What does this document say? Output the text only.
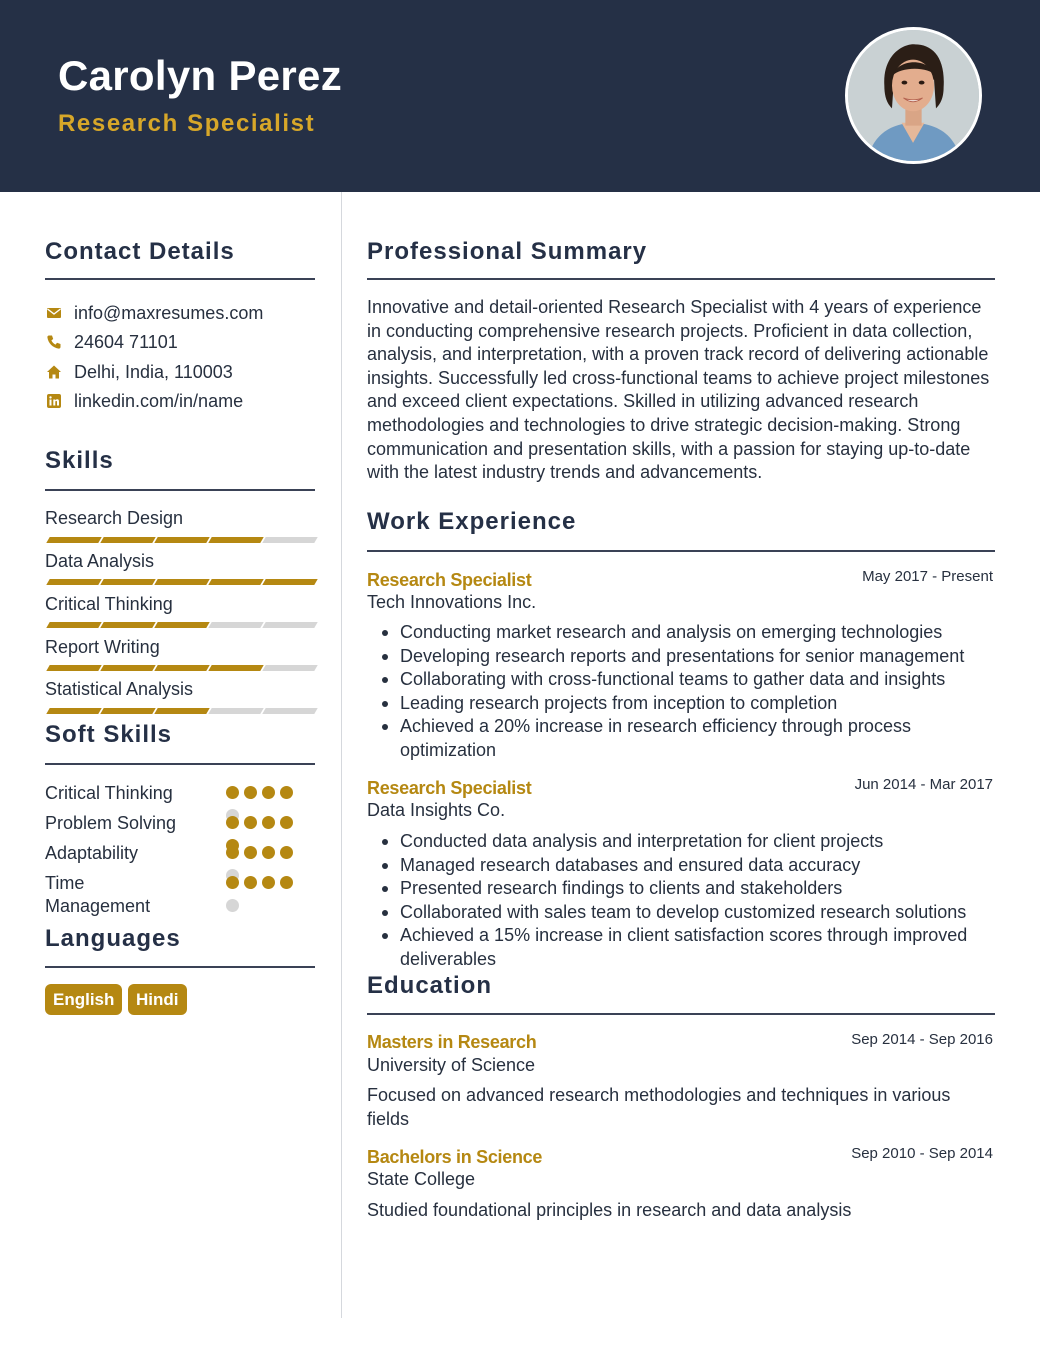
Carolyn Perez
Research Specialist
Contact Details
info@maxresumes.com
24604 71101
Delhi, India, 110003
linkedin.com/in/name
Skills
Research Design
Data Analysis
Critical Thinking
Report Writing
Statistical Analysis
Soft Skills
Critical Thinking
Problem Solving
Adaptability
Time Management
Languages
English	Hindi
Professional Summary
Innovative and detail-oriented Research Specialist with 4 years of experience in conducting comprehensive research projects. Proficient in data collection, analysis, and interpretation, with a proven track record of delivering actionable insights. Successfully led cross-functional teams to achieve project milestones and exceed client expectations. Skilled in utilizing advanced research methodologies and technologies to drive strategic decision-making. Strong communication and presentation skills, with a passion for staying up-to-date with the latest industry trends and advancements.
Work Experience
Research Specialist	May 2017 - Present
Tech Innovations Inc.
Conducting market research and analysis on emerging technologies
Developing research reports and presentations for senior management
Collaborating with cross-functional teams to gather data and insights
Leading research projects from inception to completion
Achieved a 20% increase in research efficiency through process optimization
Research Specialist	Jun 2014 - Mar 2017
Data Insights Co.
Conducted data analysis and interpretation for client projects
Managed research databases and ensured data accuracy
Presented research findings to clients and stakeholders
Collaborated with sales team to develop customized research solutions
Achieved a 15% increase in client satisfaction scores through improved deliverables
Education
Masters in Research	Sep 2014 - Sep 2016
University of Science
Focused on advanced research methodologies and techniques in various fields
Bachelors in Science	Sep 2010 - Sep 2014
State College
Studied foundational principles in research and data analysis
